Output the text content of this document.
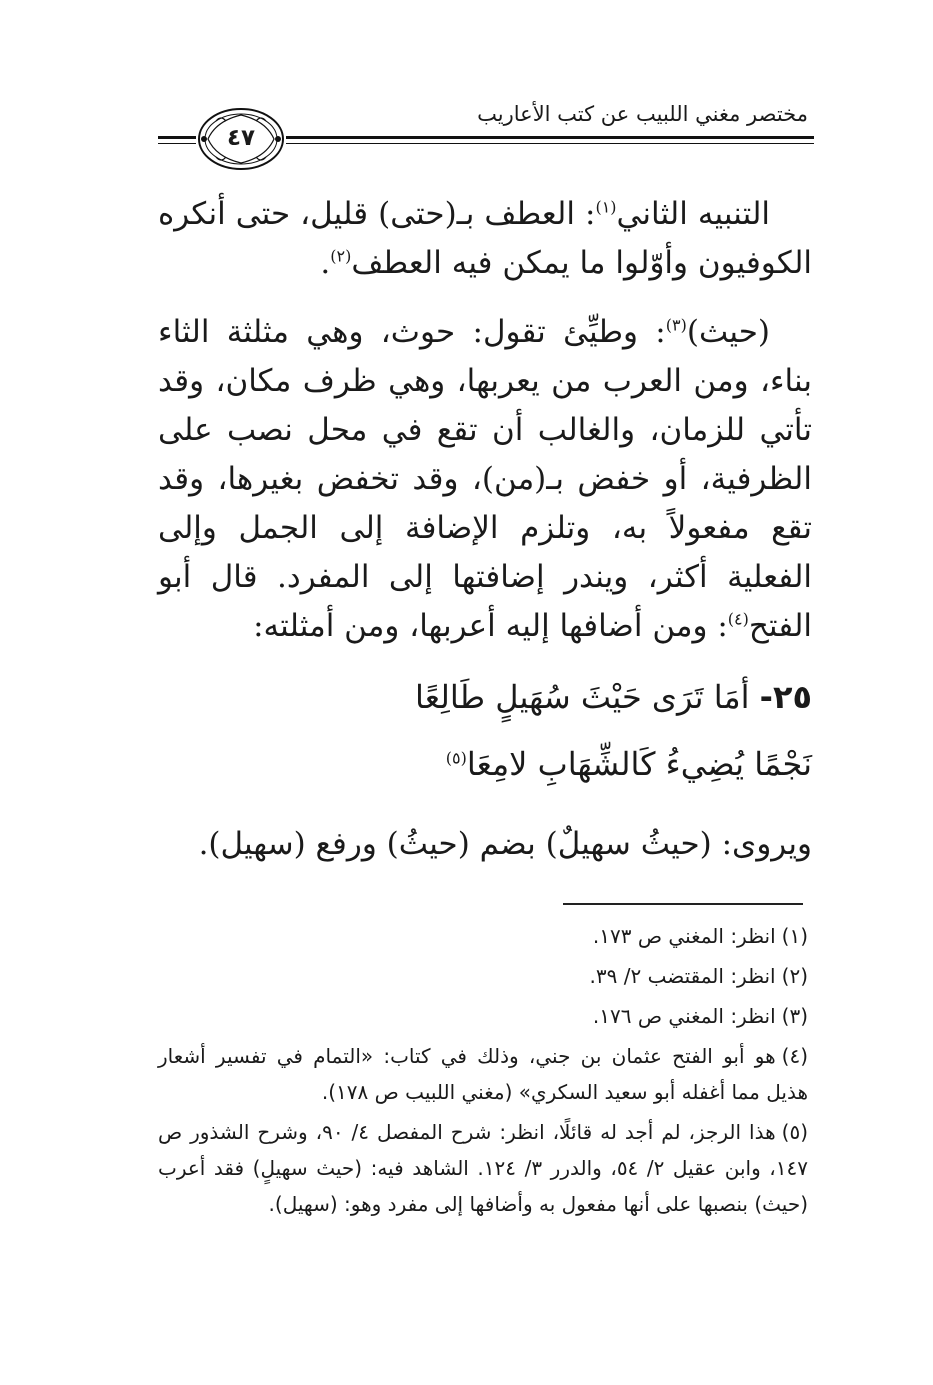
مختصر مغني اللبيب عن كتب الأعاريب
٤٧

التنبيه الثاني$^{(١)}$: العطف بـ(حتى) قليل، حتى أنكره الكوفيون وأوّلوا ما يمكن فيه العطف$^{(٢)}$.

(حيث)$^{(٣)}$: وطيِّئ تقول: حوث، وهي مثلثة الثاء بناء، ومن العرب من يعربها، وهي ظرف مكان، وقد تأتي للزمان، والغالب أن تقع في محل نصب على الظرفية، أو خفض بـ(من)، وقد تخفض بغيرها، وقد تقع مفعولاً به، وتلزم الإضافة إلى الجمل وإلى الفعلية أكثر، ويندر إضافتها إلى المفرد. قال أبو الفتح$^{(٤)}$: ومن أضافها إليه أعربها، ومن أمثلته:

٢٥- أمَا تَرَى حَيْثَ سُهَيلٍ طَالِعًا
نَجْمًا يُضِيءُ كَالشِّهَابِ لامِعَا$^{(٥)}$
ويروى: (حيثُ سهيلٌ) بضم (حيثُ) ورفع (سهيل).

(١)انظر: المغني ص ١٧٣.

(٢)انظر: المقتضب ٢/ ٣٩.

(٣)انظر: المغني ص ١٧٦.

(٤)هو أبو الفتح عثمان بن جني، وذلك في كتاب: «التمام في تفسير أشعار هذيل مما أغفله أبو سعيد السكري» (مغني اللبيب ص ١٧٨).

(٥)هذا الرجز، لم أجد له قائلًا، انظر: شرح المفصل ٤/ ٩٠، وشرح الشذور ص ١٤٧، وابن عقيل ٢/ ٥٤، والدرر ٣/ ١٢٤. الشاهد فيه: (حيث سهيلٍ) فقد أعرب (حيث) بنصبها على أنها مفعول به وأضافها إلى مفرد وهو: (سهيل).
